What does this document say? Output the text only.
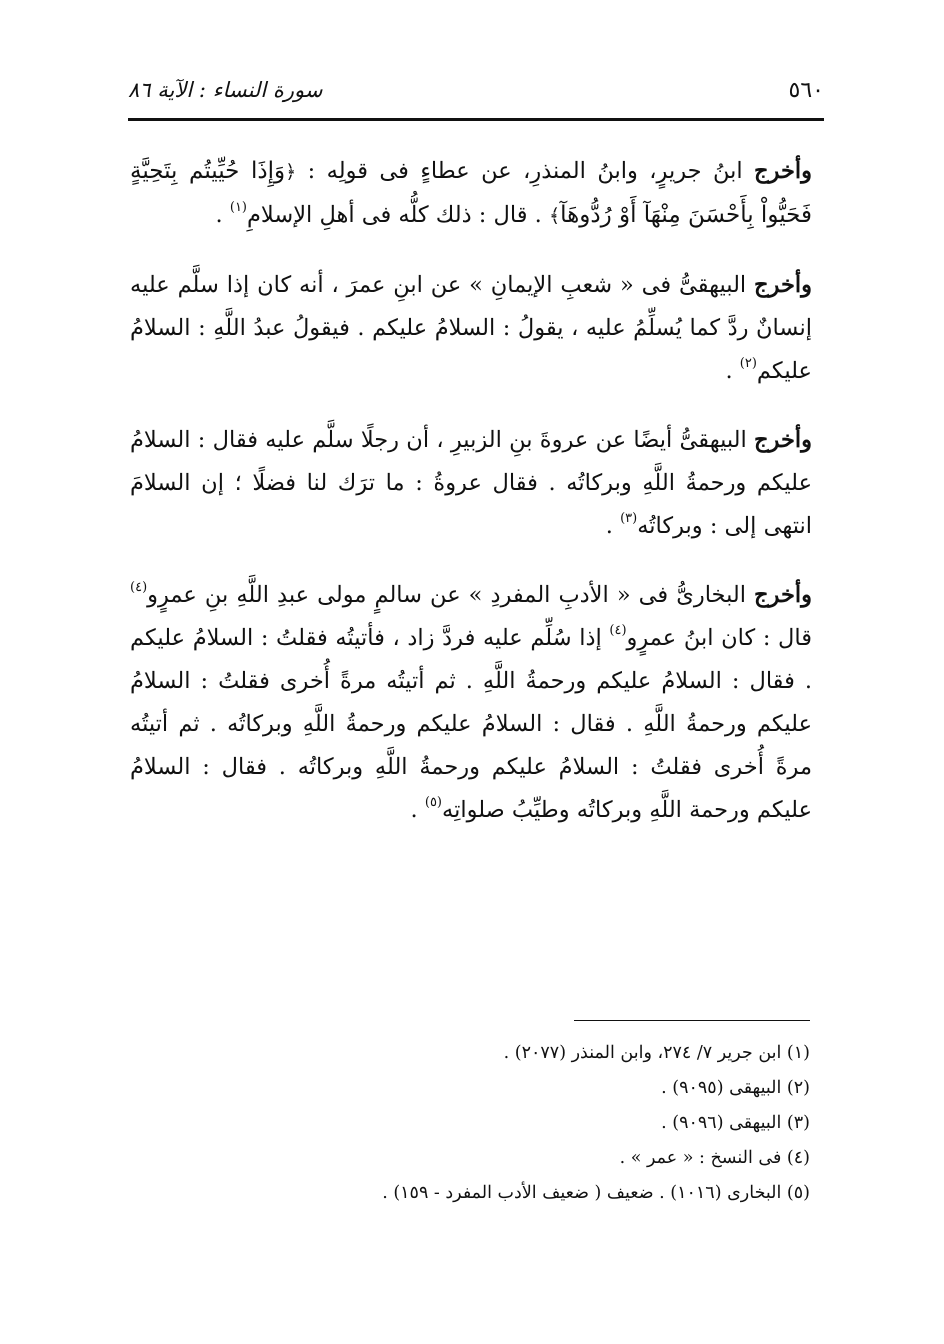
٥٦٠
سورة النساء : الآية ٨٦

وأخرج ابنُ جريرٍ، وابنُ المنذرِ، عن عطاءٍ فى قولِه : ﴿وَإِذَا حُيِّيتُم بِتَحِيَّةٍ فَحَيُّواْ بِأَحْسَنَ مِنْهَآ أَوْ رُدُّوهَآ﴾ . قال : ذلك كلُّه فى أهلِ الإسلامِ$^{(١)}$ .

وأخرج البيهقىُّ فى « شعبِ الإيمانِ » عن ابنِ عمرَ ، أنه كان إذا سلَّم عليه إنسانٌ ردَّ كما يُسلِّمُ عليه ، يقولُ : السلامُ عليكم . فيقولُ عبدُ اللَّهِ : السلامُ عليكم$^{(٢)}$ .

وأخرج البيهقىُّ أيضًا عن عروةَ بنِ الزبيرِ ، أن رجلًا سلَّم عليه فقال : السلامُ عليكم ورحمةُ اللَّهِ وبركاتُه . فقال عروةُ : ما ترَك لنا فضلًا ؛ إن السلامَ انتهى إلى : وبركاتُه$^{(٣)}$ .

وأخرج البخارىُّ فى « الأدبِ المفردِ » عن سالمٍ مولى عبدِ اللَّهِ بنِ عمرٍو$^{(٤)}$ قال : كان ابنُ عمرٍو$^{(٤)}$ إذا سُلِّم عليه فردَّ زاد ، فأتيتُه فقلتُ : السلامُ عليكم . فقال : السلامُ عليكم ورحمةُ اللَّهِ . ثم أتيتُه مرةً أُخرى فقلتُ : السلامُ عليكم ورحمةُ اللَّهِ . فقال : السلامُ عليكم ورحمةُ اللَّهِ وبركاتُه . ثم أتيتُه مرةً أُخرى فقلتُ : السلامُ عليكم ورحمةُ اللَّهِ وبركاتُه . فقال : السلامُ عليكم ورحمة اللَّهِ وبركاتُه وطيِّبُ صلواتِه$^{(٥)}$ .

(١) ابن جرير ٧/ ٢٧٤، وابن المنذر (٢٠٧٧) .
(٢) البيهقى (٩٠٩٥) .
(٣) البيهقى (٩٠٩٦) .
(٤) فى النسخ : « عمر » .
(٥) البخارى (١٠١٦) . ضعيف ( ضعيف الأدب المفرد - ١٥٩) .
